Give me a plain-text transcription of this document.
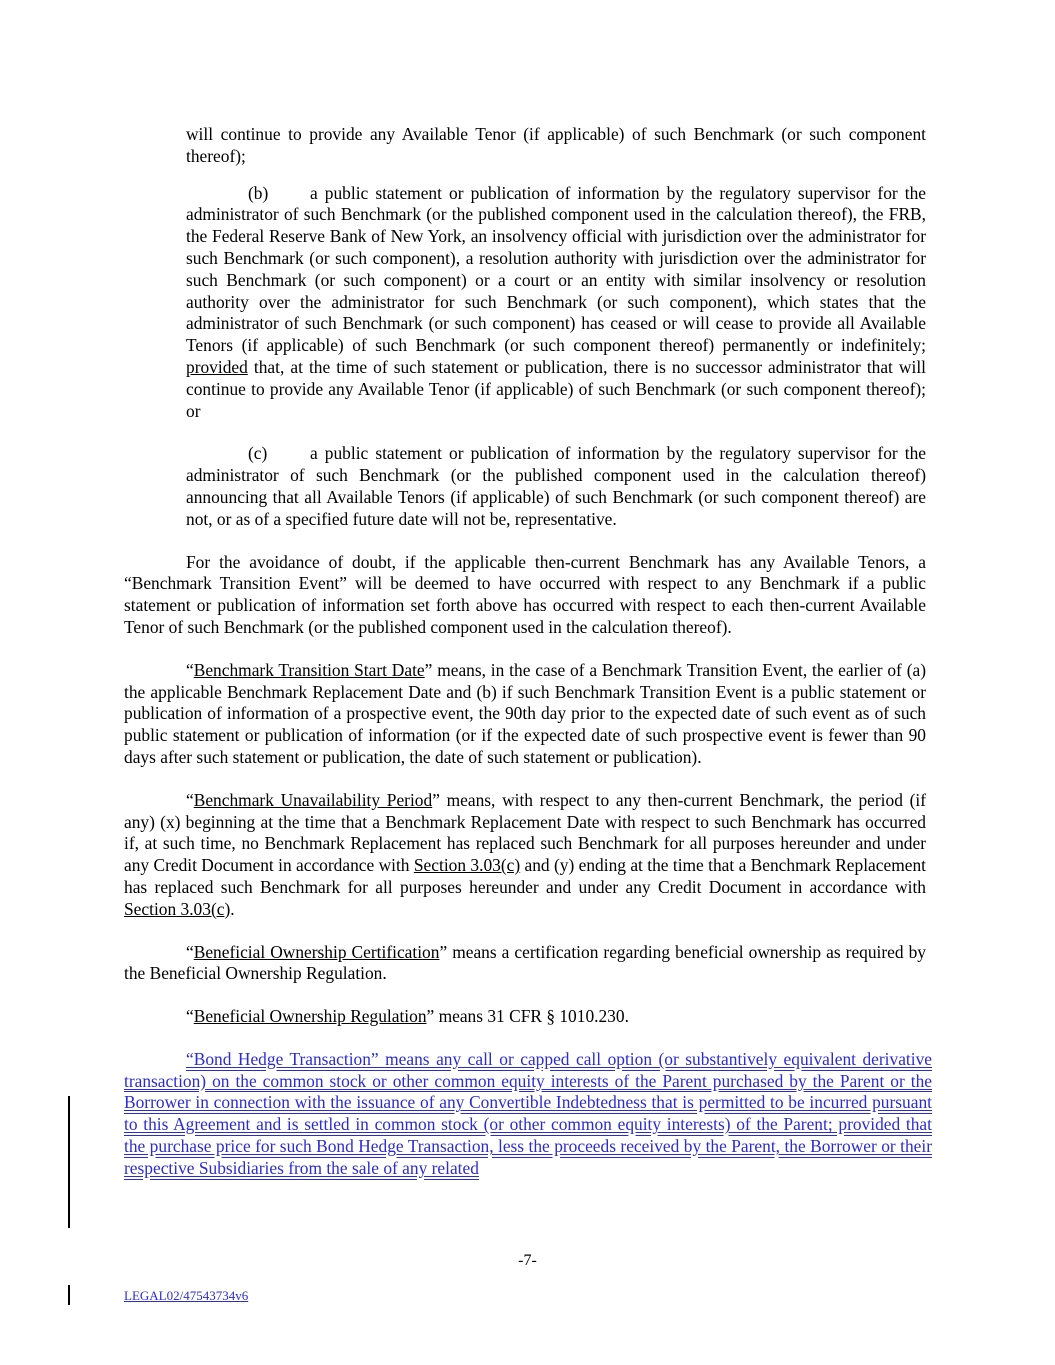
will continue to provide any Available Tenor (if applicable) of such Benchmark (or such component thereof);

(b) a public statement or publication of information by the regulatory supervisor for the administrator of such Benchmark (or the published component used in the calculation thereof), the FRB, the Federal Reserve Bank of New York, an insolvency official with jurisdiction over the administrator for such Benchmark (or such component), a resolution authority with jurisdiction over the administrator for such Benchmark (or such component) or a court or an entity with similar insolvency or resolution authority over the administrator for such Benchmark (or such component), which states that the administrator of such Benchmark (or such component) has ceased or will cease to provide all Available Tenors (if applicable) of such Benchmark (or such component thereof) permanently or indefinitely; provided that, at the time of such statement or publication, there is no successor administrator that will continue to provide any Available Tenor (if applicable) of such Benchmark (or such component thereof); or

(c) a public statement or publication of information by the regulatory supervisor for the administrator of such Benchmark (or the published component used in the calculation thereof) announcing that all Available Tenors (if applicable) of such Benchmark (or such component thereof) are not, or as of a specified future date will not be, representative.

For the avoidance of doubt, if the applicable then-current Benchmark has any Available Tenors, a “Benchmark Transition Event” will be deemed to have occurred with respect to any Benchmark if a public statement or publication of information set forth above has occurred with respect to each then-current Available Tenor of such Benchmark (or the published component used in the calculation thereof).

“Benchmark Transition Start Date” means, in the case of a Benchmark Transition Event, the earlier of (a) the applicable Benchmark Replacement Date and (b) if such Benchmark Transition Event is a public statement or publication of information of a prospective event, the 90th day prior to the expected date of such event as of such public statement or publication of information (or if the expected date of such prospective event is fewer than 90 days after such statement or publication, the date of such statement or publication).

“Benchmark Unavailability Period” means, with respect to any then-current Benchmark, the period (if any) (x) beginning at the time that a Benchmark Replacement Date with respect to such Benchmark has occurred if, at such time, no Benchmark Replacement has replaced such Benchmark for all purposes hereunder and under any Credit Document in accordance with Section 3.03(c) and (y) ending at the time that a Benchmark Replacement has replaced such Benchmark for all purposes hereunder and under any Credit Document in accordance with Section 3.03(c).

“Beneficial Ownership Certification” means a certification regarding beneficial ownership as required by the Beneficial Ownership Regulation.

“Beneficial Ownership Regulation” means 31 CFR § 1010.230.

“Bond Hedge Transaction” means any call or capped call option (or substantively equivalent derivative transaction) on the common stock or other common equity interests of the Parent purchased by the Parent or the Borrower in connection with the issuance of any Convertible Indebtedness that is permitted to be incurred pursuant to this Agreement and is settled in common stock (or other common equity interests) of the Parent; provided that the purchase price for such Bond Hedge Transaction, less the proceeds received by the Parent, the Borrower or their respective Subsidiaries from the sale of any related

-7-
LEGAL02/47543734v6
